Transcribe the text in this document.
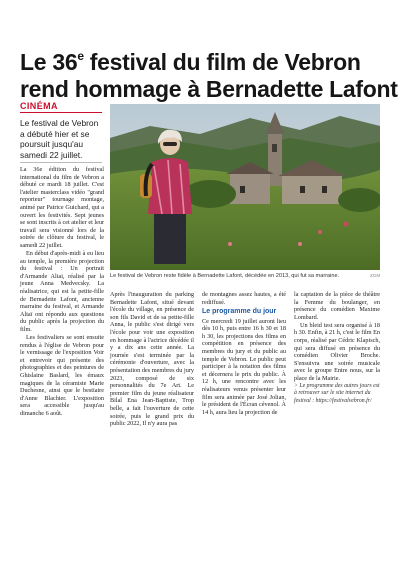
Le 36e festival du film de Vebron
rend hommage à Bernadette Lafont
CINÉMA
Le festival de Vebron a débuté hier et se poursuit jusqu'au samedi 22 juillet.
Le festival de Vebron reste fidèle à Bernadette Lafont, décédée en 2013, qui fut sa marraine.	ZGM

La 36e édition du festival international du film de Vebron a débuté ce mardi 18 juillet. C'est l'atelier masterclass vidéo "grand reporteur" tournage montage, animé par Patrice Guichard, qui a ouvert les festivités. Sept jeunes se sont inscrits à cet atelier et leur travail sera visionné lors de la soirée de clôture du festival, le samedi 22 juillet.

En début d'après-midi à eu lieu au temple, la première projection du festival : Un portrait d'Armande Altai, réalisé par la jeune Anna Medvecsky. La réalisatrice, qui est la petite-fille de Bernadette Lafont, ancienne marraine du festival, et Armande Altaï ont répondu aux questions du public après la projection du film.

Les festivaliers se sont ensuite rendus à l'église de Vebron pour le vernissage de l'exposition Voir et entrevoir qui présente des photographies et des peintures de Ghislaine Baslard, les émaux magiques de la céramiste Marie Duchesne, ainsi que le bestiaire d'Anne Blachier. L'exposition sera accessible jusqu'au dimanche 6 août.

Après l'inauguration du parking Bernadette Lafont, situé devant l'école du village, en présence de son fils David et de sa petite-fille Anna, le public s'est dirigé vers l'école pour voir une exposition en hommage à l'actrice décédée il y a dix ans cette année. La journée s'est terminée par la cérémonie d'ouverture, avec la présentation des membres du jury 2023, composé de six personnalités du 7e Art. Le premier film du jeune réalisateur Bilal Ena Jean-Baptiste, Trop belle, a fait l'ouverture de cette soirée, puis le grand prix du public 2022, Il n'y aura pas

de montagnes assez hautes, a été rediffusé.

Le programme du jour

Ce mercredi 19 juillet auront lieu dès 10 h, puis entre 16 h 30 et 18 h 30, les projections des films en compétition en présence des membres du jury et du public au temple de Vebron. Le public peut participer à la notation des films et décernera le prix du public. À 12 h, une rencontre avec les réalisateurs venus présenter leur film sera animée par José Jolian, le président de l'Écran cévenol. À 14 h, aura lieu la projection de

la captation de la pièce de théâtre la Femme du boulanger, en présence du comédien Maxime Lombard.

Un bleid test sera organisé à 18 h 30. Enfin, à 21 h, c'est le film En corps, réalisé par Cédric Klapisch, qui sera diffusé en présence du comédien Olivier Broche. S'ensuivra une soirée musicale avec le groupe Entre nous, sur la place de la Mairie.

> Le programme des autres jours est à retrouver sur le site internet du festival : https://festivalvebron.fr/
